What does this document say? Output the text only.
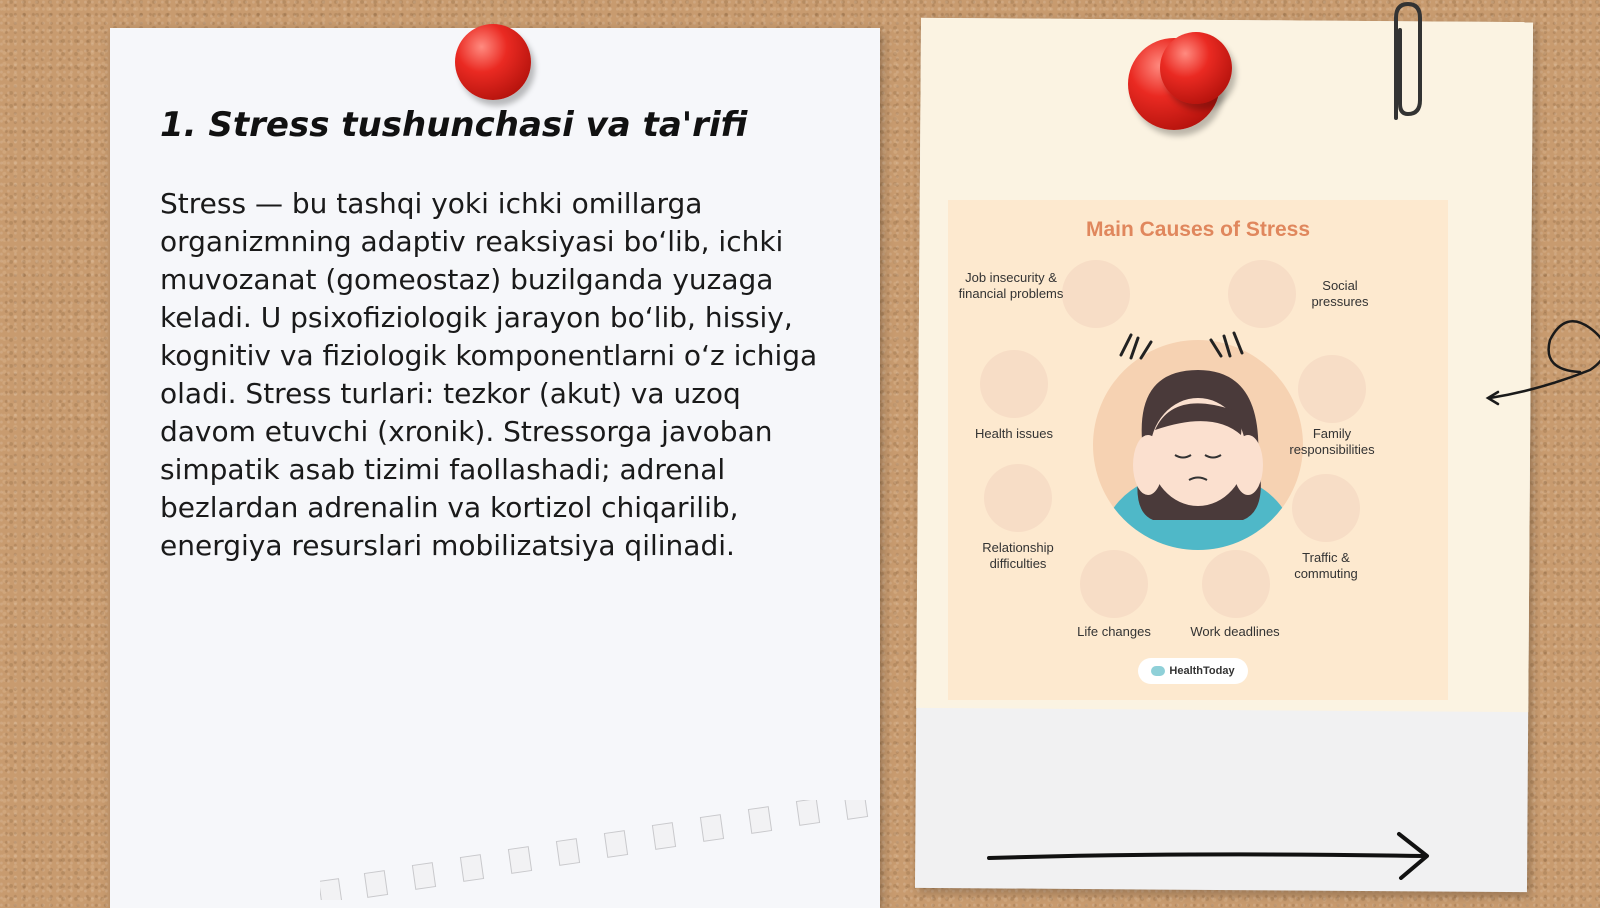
1. Stress tushunchasi va ta'rifi

Stress — bu tashqi yoki ichki omillarga organizmning adaptiv reaksiyasi bo‘lib, ichki muvozanat (gomeostaz) buzilganda yuzaga keladi. U psixofiziologik jarayon bo‘lib, hissiy, kognitiv va fiziologik komponentlarni o‘z ichiga oladi. Stress turlari: tezkor (akut) va uzoq davom etuvchi (xronik). Stressorga javoban simpatik asab tizimi faollashadi; adrenal bezlardan adrenalin va kortizol chiqarilib, energiya resurslari mobilizatsiya qilinadi.

Main Causes of Stress
Job insecurity & financial problems
Social pressures
Health issues	Family responsibilities
Relationship difficulties	Traffic & commuting
Life changes	Work deadlines
HealthToday
